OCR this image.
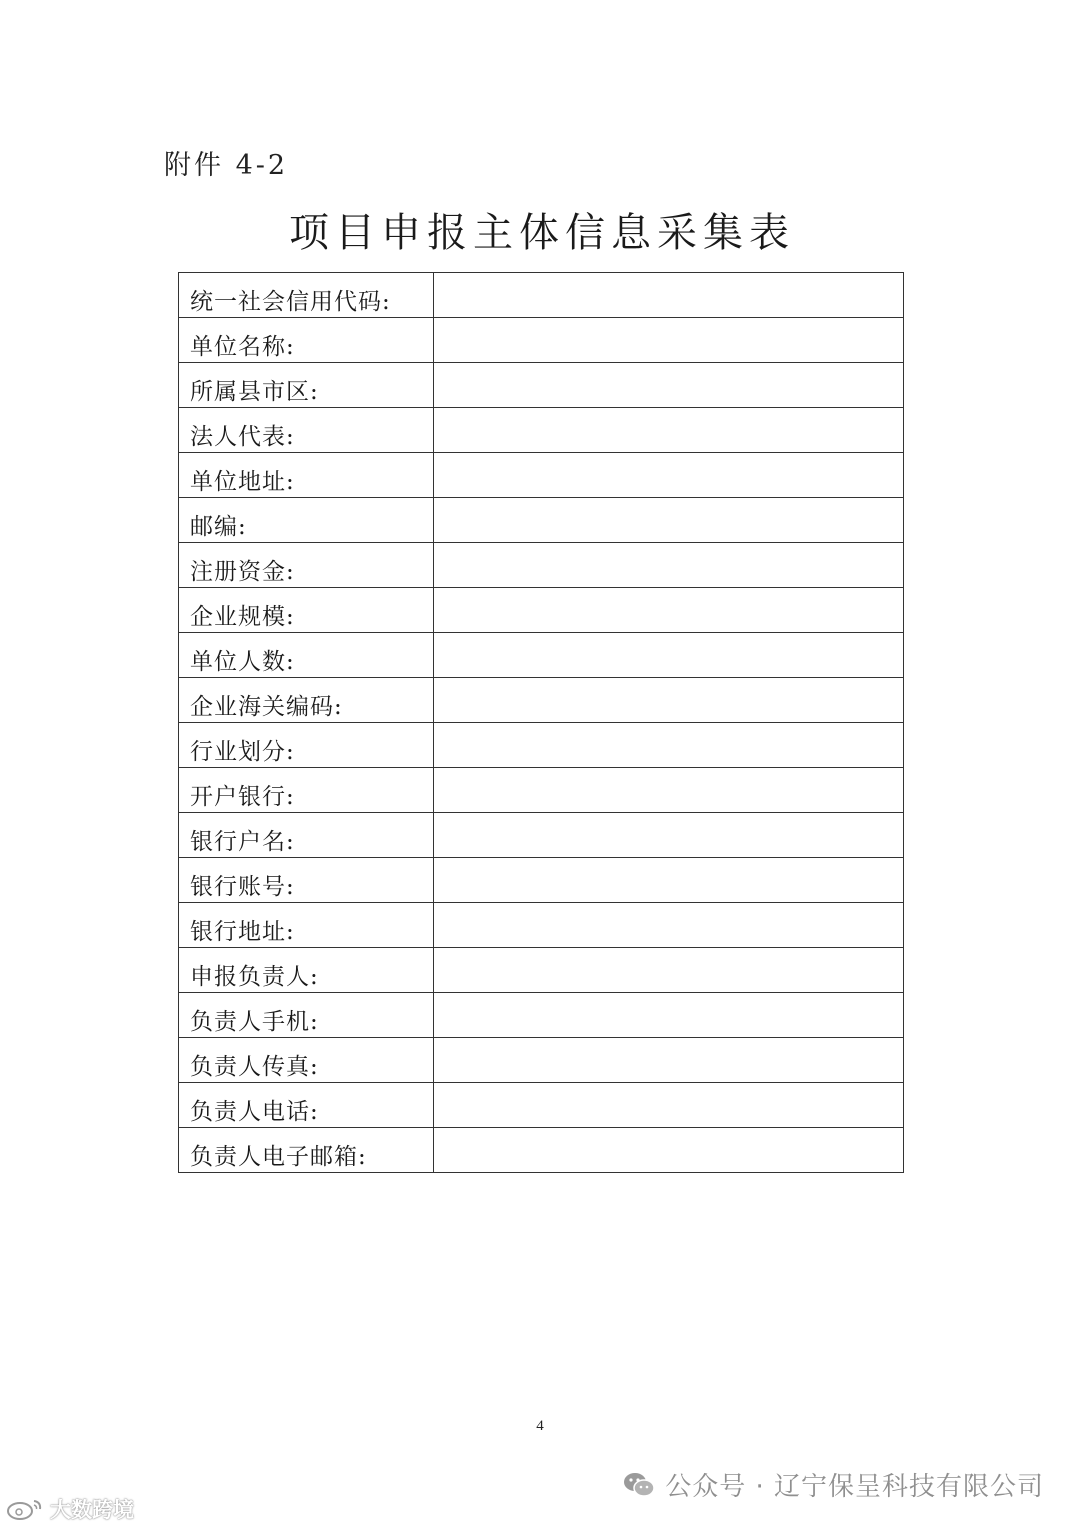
附件 4-2
项目申报主体信息采集表
统一社会信用代码:	
单位名称:	
所属县市区:	
法人代表:	
单位地址:	
邮编:	
注册资金:	
企业规模:	
单位人数:	
企业海关编码:	
行业划分:	
开户银行:	
银行户名:	
银行账号:	
银行地址:	
申报负责人:	
负责人手机:	
负责人传真:	
负责人电话:	
负责人电子邮箱:	
4
公众号 · 辽宁保呈科技有限公司
大数跨境
